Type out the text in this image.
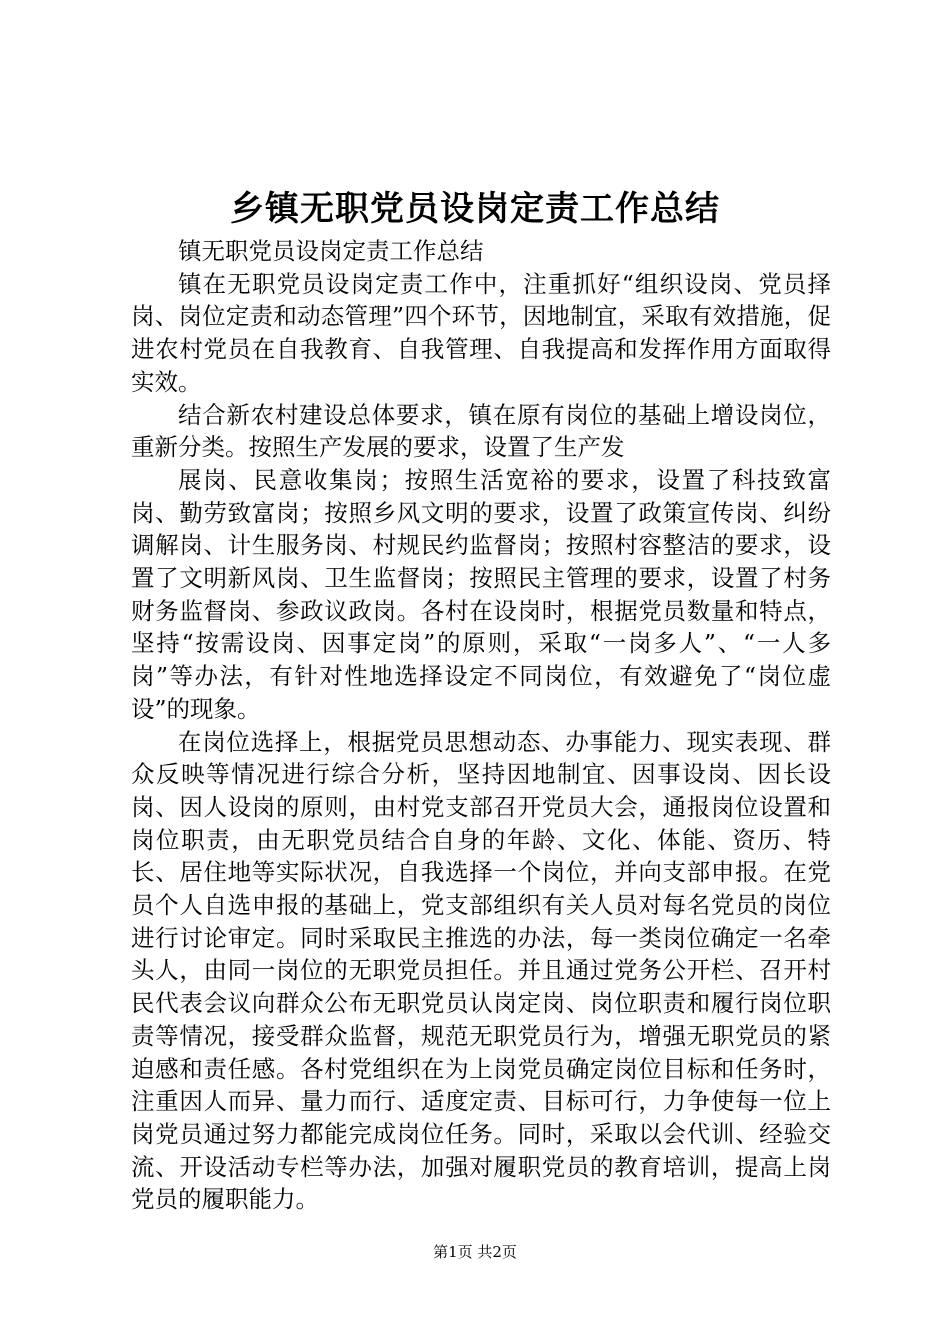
乡镇无职党员设岗定责工作总结

镇无职党员设岗定责工作总结

镇在无职党员设岗定责工作中，注重抓好“组织设岗、党员择岗、岗位定责和动态管理”四个环节，因地制宜，采取有效措施，促进农村党员在自我教育、自我管理、自我提高和发挥作用方面取得实效。

结合新农村建设总体要求，镇在原有岗位的基础上增设岗位，重新分类。按照生产发展的要求，设置了生产发

展岗、民意收集岗；按照生活宽裕的要求，设置了科技致富岗、勤劳致富岗；按照乡风文明的要求，设置了政策宣传岗、纠纷调解岗、计生服务岗、村规民约监督岗；按照村容整洁的要求，设置了文明新风岗、卫生监督岗；按照民主管理的要求，设置了村务财务监督岗、参政议政岗。各村在设岗时，根据党员数量和特点，坚持“按需设岗、因事定岗”的原则，采取“一岗多人”、“一人多岗”等办法，有针对性地选择设定不同岗位，有效避免了“岗位虚设”的现象。

在岗位选择上，根据党员思想动态、办事能力、现实表现、群众反映等情况进行综合分析，坚持因地制宜、因事设岗、因长设岗、因人设岗的原则，由村党支部召开党员大会，通报岗位设置和岗位职责，由无职党员结合自身的年龄、文化、体能、资历、特长、居住地等实际状况，自我选择一个岗位，并向支部申报。在党员个人自选申报的基础上，党支部组织有关人员对每名党员的岗位进行讨论审定。同时采取民主推选的办法，每一类岗位确定一名牵头人，由同一岗位的无职党员担任。并且通过党务公开栏、召开村民代表会议向群众公布无职党员认岗定岗、岗位职责和履行岗位职责等情况，接受群众监督，规范无职党员行为，增强无职党员的紧迫感和责任感。各村党组织在为上岗党员确定岗位目标和任务时，注重因人而异、量力而行、适度定责、目标可行，力争使每一位上岗党员通过努力都能完成岗位任务。同时，采取以会代训、经验交流、开设活动专栏等办法，加强对履职党员的教育培训，提高上岗党员的履职能力。

第1页 共2页
